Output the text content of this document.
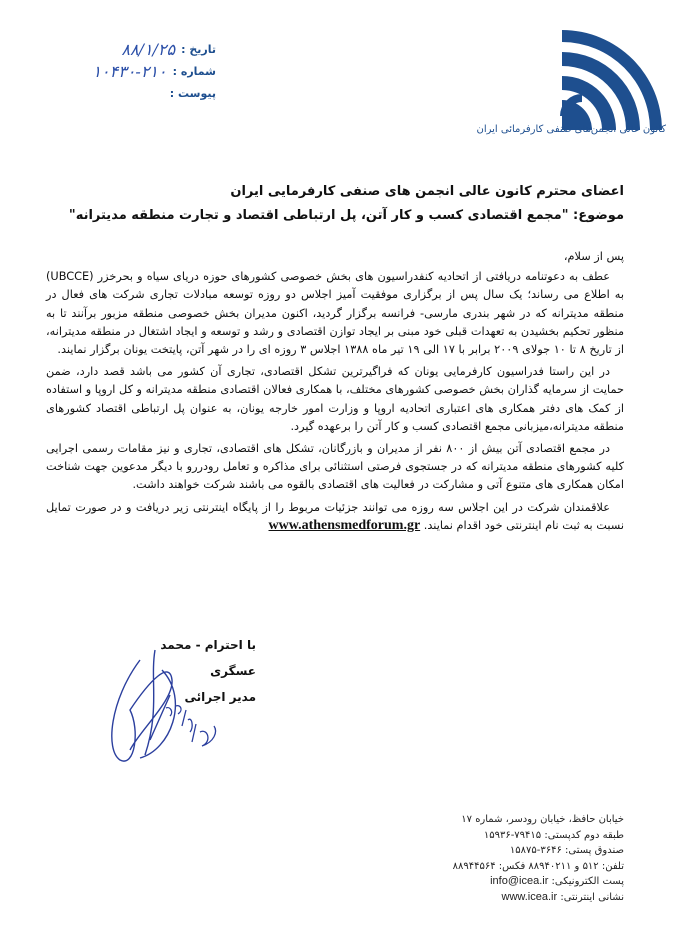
تاریخ :
۸۸/۱/۲۵
شماره :
۱۰۴۳۰-۲۱۰
پیوست :
کانون عالی انجمن‌های صنفی کارفرمائی ایران
اعضای محترم کانون عالی انجمن های صنفی کارفرمایی ایران
موضوع: "مجمع اقتصادی کسب و کار آتن، پل ارتباطی اقتصاد و تجارت منطقه مدیترانه"

پس از سلام،

عطف به دعوتنامه دریافتی از اتحادیه کنفدراسیون های بخش خصوصی کشورهای حوزه دریای سیاه و بحرخزر (UBCCE) به اطلاع می رساند؛ یک سال پس از برگزاری موفقیت آمیز اجلاس دو روزه توسعه مبادلات تجاری شرکت های فعال در منطقه مدیترانه که در شهر بندری مارسی- فرانسه برگزار گردید، اکنون مدیران بخش خصوصی منطقه مزبور برآنند تا به منظور تحکیم بخشیدن به تعهدات قبلی خود مبنی بر ایجاد توازن اقتصادی و رشد و توسعه و ایجاد اشتغال در منطقه مدیترانه، از تاریخ ۸ تا ۱۰ جولای ۲۰۰۹ برابر با ۱۷ الی ۱۹ تیر ماه ۱۳۸۸ اجلاس ۳ روزه ای را در شهر آتن، پایتخت یونان برگزار نمایند.

در این راستا فدراسیون کارفرمایی یونان که فراگیرترین تشکل اقتصادی، تجاری آن کشور می باشد قصد دارد، ضمن حمایت از سرمایه گذاران بخش خصوصی کشورهای مختلف، با همکاری فعالان اقتصادی منطقه مدیترانه و کل اروپا و استفاده از کمک های دفتر همکاری های اعتباری اتحادیه اروپا و وزارت امور خارجه یونان، به عنوان پل ارتباطی اقتصاد کشورهای منطقه مدیترانه،میزبانی مجمع اقتصادی کسب و کار آتن را برعهده گیرد.

در مجمع اقتصادی آتن بیش از ۸۰۰ نفر از مدیران و بازرگانان، تشکل های اقتصادی، تجاری و نیز مقامات رسمی اجرایی کلیه کشورهای منطقه مدیترانه که در جستجوی فرصتی استثنائی برای مذاکره و تعامل رودررو با دیگر مدعوین جهت شناخت امکان همکاری های متنوع آتی و مشارکت در فعالیت های اقتصادی بالقوه می باشند شرکت خواهند داشت.

علاقمندان شرکت در این اجلاس سه روزه می توانند جزئیات مربوط را از پایگاه اینترنتی زیر دریافت و در صورت تمایل نسبت به ثبت نام اینترنتی خود اقدام نمایند. www.athensmedforum.gr

با احترام - محمد عسگری
مدیر اجرائی
خیابان حافظ، خیابان رودسر، شماره ۱۷
طبقه دوم کدپستی: ۷۹۴۱۵-۱۵۹۳۶
صندوق پستی: ۳۶۴۶-۱۵۸۷۵
تلفن: ۵۱۲ و ۸۸۹۴۰۲۱۱ فکس: ۸۸۹۴۴۵۶۴
پست الکترونیکی: info@icea.ir
نشانی اینترنتی: www.icea.ir
